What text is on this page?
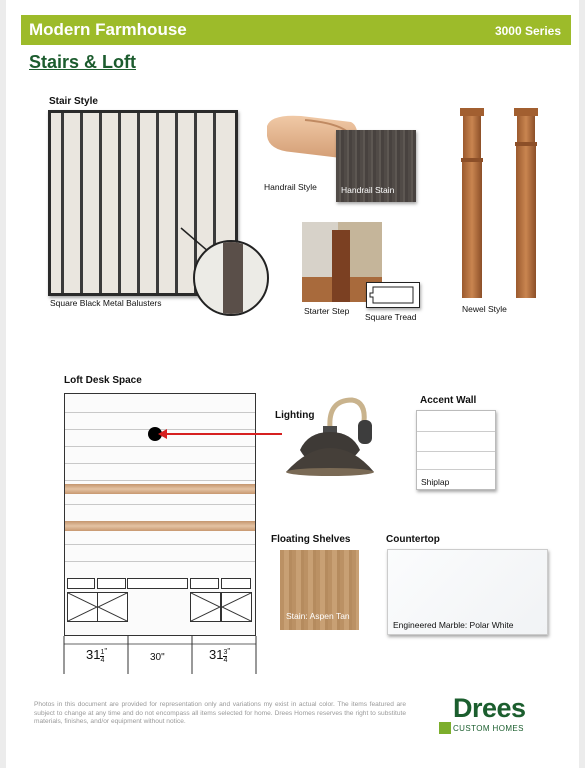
Modern Farmhouse	3000 Series
Stairs & Loft
Stair Style
Square Black Metal Balusters
Handrail Style	Handrail Stain
Starter Step
Square Tread
Newel Style
Loft Desk Space
$31 \frac{1}{4} ^"$
30"	$31 \frac{3}{4} ^"$
Lighting
Accent Wall
Shiplap
Floating Shelves
Stain: Aspen Tan
Countertop
Engineered Marble: Polar White
Photos in this document are provided for representation only and variations my exist in actual color. The items featured are subject to change at any time and do not encompass all items selected for home. Drees Homes reserves the right to substitute materials, finishes, and/or equipment without notice.	Drees
CUSTOM HOMES
